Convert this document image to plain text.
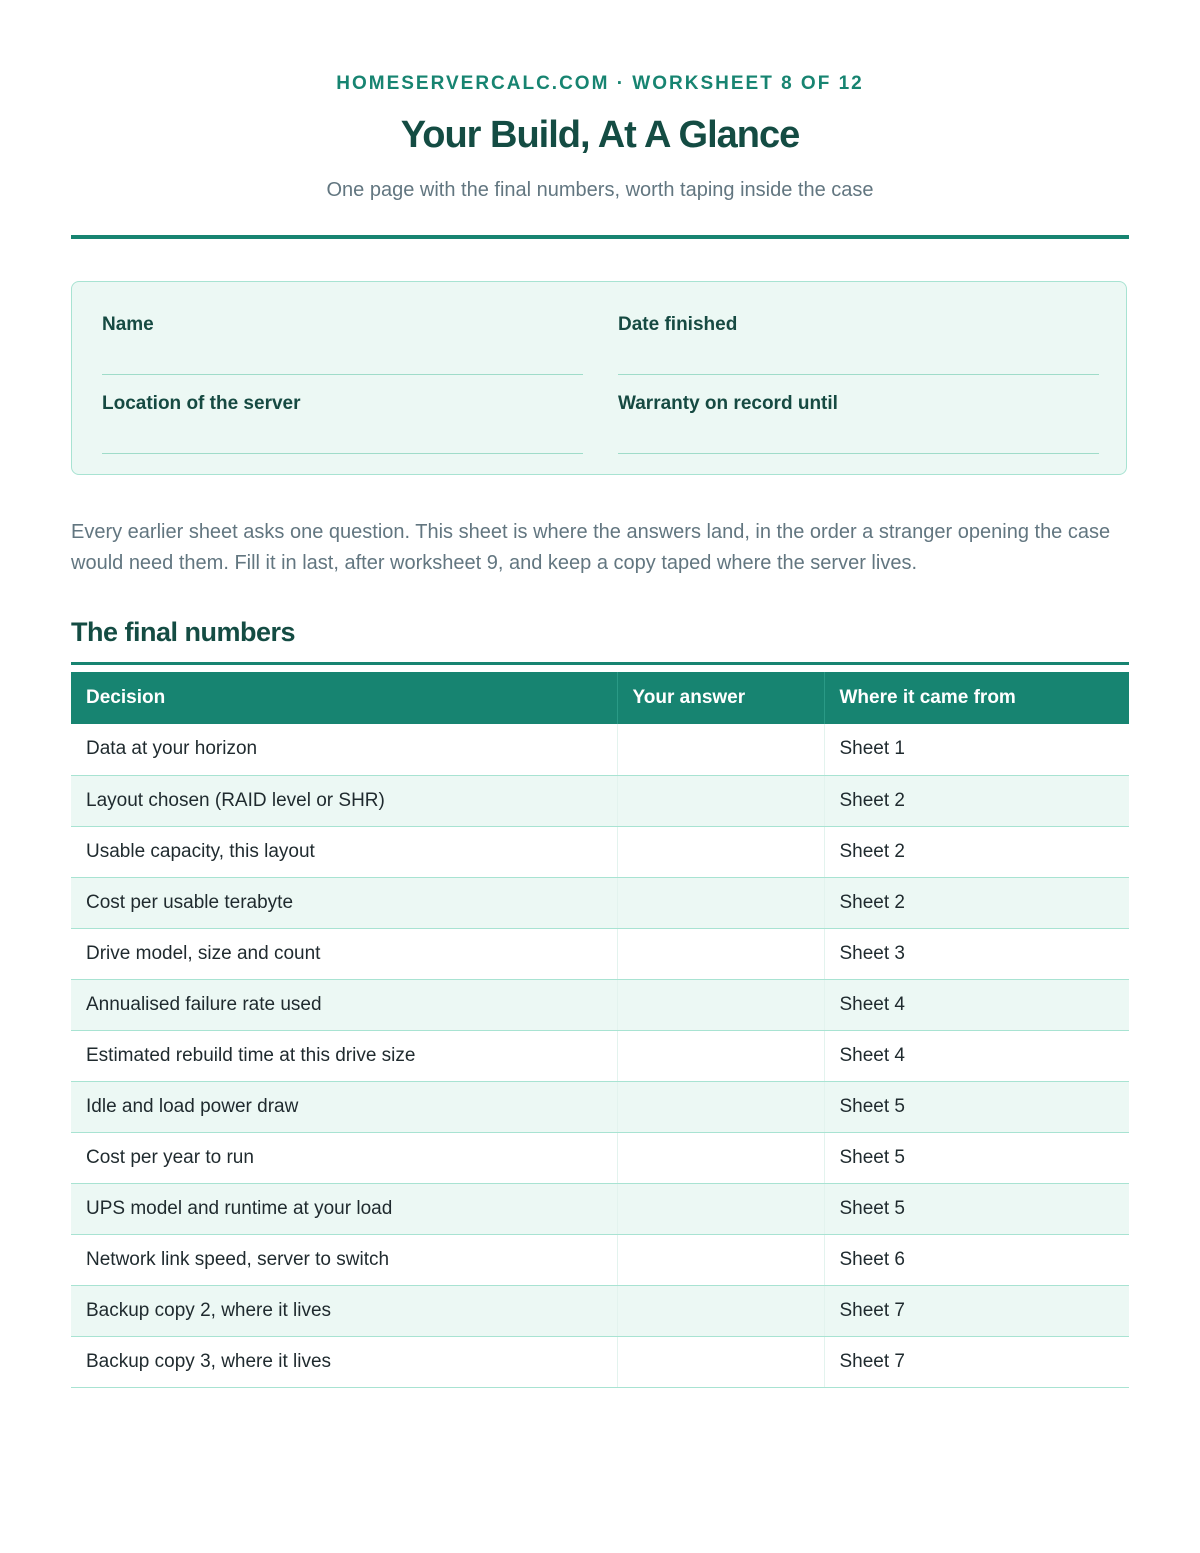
HOMESERVERCALC.COM · WORKSHEET 8 OF 12
Your Build, At A Glance
One page with the final numbers, worth taping inside the case
Name	Date finished
Location of the server	Warranty on record until

Every earlier sheet asks one question. This sheet is where the answers land, in the order a stranger opening the case would need them. Fill it in last, after worksheet 9, and keep a copy taped where the server lives.

The final numbers
Decision	Your answer	Where it came from
Data at your horizon		Sheet 1
Layout chosen (RAID level or SHR)		Sheet 2
Usable capacity, this layout		Sheet 2
Cost per usable terabyte		Sheet 2
Drive model, size and count		Sheet 3
Annualised failure rate used		Sheet 4
Estimated rebuild time at this drive size		Sheet 4
Idle and load power draw		Sheet 5
Cost per year to run		Sheet 5
UPS model and runtime at your load		Sheet 5
Network link speed, server to switch		Sheet 6
Backup copy 2, where it lives		Sheet 7
Backup copy 3, where it lives		Sheet 7
